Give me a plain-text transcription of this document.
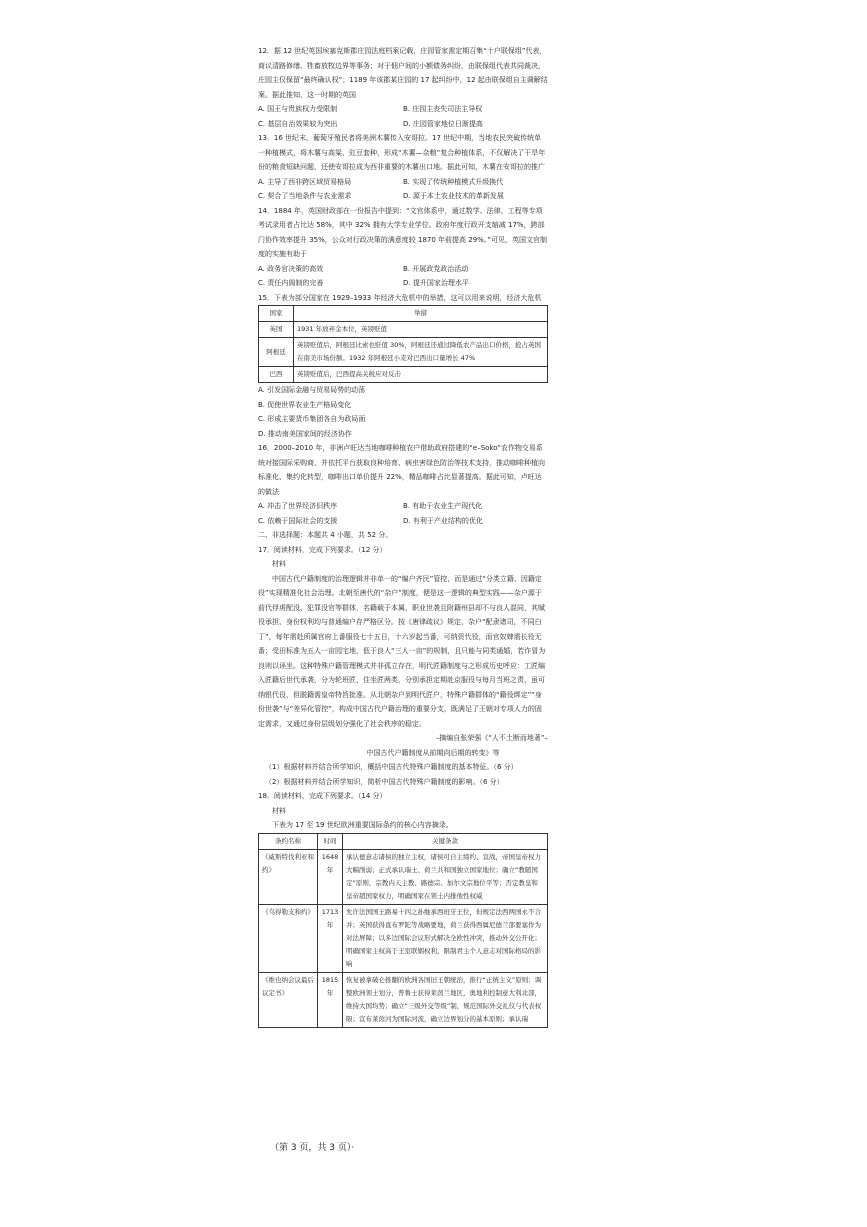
12．据 12 世纪英国埃塞克斯郡庄园法庭档案记载，庄园管家需定期召集“十户联保组”代表，商议清路修缮、牲畜放牧边界等事务；对于佃户间的小额债务纠纷，由联保组代表共同裁决，庄园主仅保留“最终确认权”；1189 年该郡某庄园的 17 起纠纷中，12 起由联保组自主调解结案。据此推知，这一时期的英国

A. 国王与贵族权力受限制	B. 庄园主丧失司法主导权
C. 基层自治效果较为突出	D. 庄园管家地位日渐提高

13．16 世纪末，葡萄牙殖民者将美洲木薯传入安哥拉。17 世纪中期，当地农民突破传统单一种植模式，将木薯与高粱、豇豆套种，形成“木薯—杂粮”复合种植体系，不仅解决了干旱年份的粮食短缺问题，还使安哥拉成为西非重要的木薯出口地。据此可知，木薯在安哥拉的推广

A. 主导了西非跨区域贸易格局	B. 实现了传统种植模式升级换代
C. 契合了当地条件与农业需求	D. 源于本土农业技术的革新发展

14．1884 年，英国财政部在一份报告中提到：“文官体系中，通过数学、法律、工程等专项考试录用者占比达 58%，其中 32% 拥有大学专业学位。政府年度行政开支缩减 17%，跨部门协作效率提升 35%，公众对行政决策的满意度较 1870 年前提高 29%。”可见，英国文官制度的实施有助于

A. 政务官决策的高效	B. 开展政党政治活动
C. 责任内阁制的完善	D. 提升国家治理水平

15．下表为部分国家在 1929–1933 年经济大危机中的举措，这可以用来说明，经济大危机

国家	举措
英国	1931 年放弃金本位，英镑贬值
阿根廷	英镑贬值后，阿根廷比索也贬值 30%，阿根廷还通过降低农产品出口价格，抢占英国在南美市场份额。1932 年阿根廷小麦对巴西出口量增长 47%
巴西	英镑贬值后，巴西提高关税应对反击
A. 引发国际金融与贸易局势的动荡
B. 促使世界农业生产格局变化
C. 形成主要货币集团各自为政局面
D. 推动南美国家间的经济协作

16．2000–2010 年，非洲卢旺达当地咖啡种植农户借助政府搭建的“e–Soko”农作物交易系统对接国际采购商，并依托平台获取良种培育、病虫害绿色防治等技术支持，推动咖啡种植向标准化、集约化转型，咖啡出口单价提升 22%，精品咖啡占比显著提高。据此可知，卢旺达的做法

A. 冲击了世界经济旧秩序	B. 有助于农业生产现代化
C. 依赖于国际社会的支援	D. 有利于产业结构的优化

二、非选择题：本题共 4 小题，共 52 分。

17．阅读材料，完成下列要求。（12 分）

材料

中国古代户籍制度的治理逻辑并非单一的“编户齐民”管控，而是通过“分类立籍、因籍定役”实现精准化社会治理。北朝至唐代的“杂户”制度，便是这一逻辑的典型实践——杂户源于前代俘虏配没、犯罪没官等群体，名籍载于本属，职业世袭且附籍州县却不与良人混同，其赋役承担、身份权利均与普通编户存严格区分。按《唐律疏议》规定，杂户“配隶诸司，不同白丁”，每年需赴所属官府上番服役七十五日，十六岁起当番，可纳资代役，而官奴婢需长役无番；受田标准为五人一亩园宅地，低于良人“三人一亩”的规制，且只能与同类通婚，若诈冒为良则以诬坐。这种特殊户籍管理模式并非孤立存在，明代匠籍制度与之形成历史呼应：工匠编入匠籍后世代承袭，分为轮班匠、住坐匠两类，分别承担定期赴京服役与每月当班之责，虽可纳银代役，但脱籍需皇帝特旨批准。从北朝杂户到明代匠户，特殊户籍群体的“籍役绑定”“身份世袭”与“差异化管控”，构成中国古代户籍治理的重要分支，既满足了王朝对专项人力的固定需求，又通过身份层级划分强化了社会秩序的稳定。

–摘编自张荣强《“人不土断而地著”–

中国古代户籍制度从前期向后期的转变》等

（1）根据材料并结合所学知识，概括中国古代特殊户籍制度的基本特征。（6 分）

（2）根据材料并结合所学知识，简析中国古代特殊户籍制度的影响。（6 分）

18．阅读材料，完成下列要求。（14 分）

材料

下表为 17 至 19 世纪欧洲重要国际条约的核心内容摘录。

条约名称	时间	关键条款
《威斯特伐利亚和约》	1648 年	承认德意志诸侯的独立主权，诸侯可自主缔约、宣战，帝国皇帝权力大幅削弱；正式承认瑞士、荷兰共和国独立国家地位；确立“教随国定”原则，宗教内天主教、路德宗、加尔文宗地位平等；否定教皇和皇帝超国家权力，明确国家在领土内排他性权威
《乌得勒支和约》	1713 年	允许法国国王路易十四之孙继承西班牙王位，但规定法西两国永不合并；英国获得直布罗陀等战略要地，荷兰获得西属尼德兰部要塞作为对法屏障；以多边国际会议形式解决全欧性冲突，推动外交公开化；明确国家主权高于王室联姻权利，限制君主个人意志对国际格局的影响
《维也纳会议最后议定书》	1815 年	恢复被拿破仑推翻的欧洲各国旧王朝统治，推行“正统主义”原则；调整欧洲领土划分，普鲁士获得莱茵兰地区，奥地利控制意大利北部，维持大国均势；确立“三级外交等级”制，规范国际外交礼仪与代表权限；宣布莱茵河为国际河流，确立边界划分的基本原则；承认瑞
（第 3 页，共 3 页）·
